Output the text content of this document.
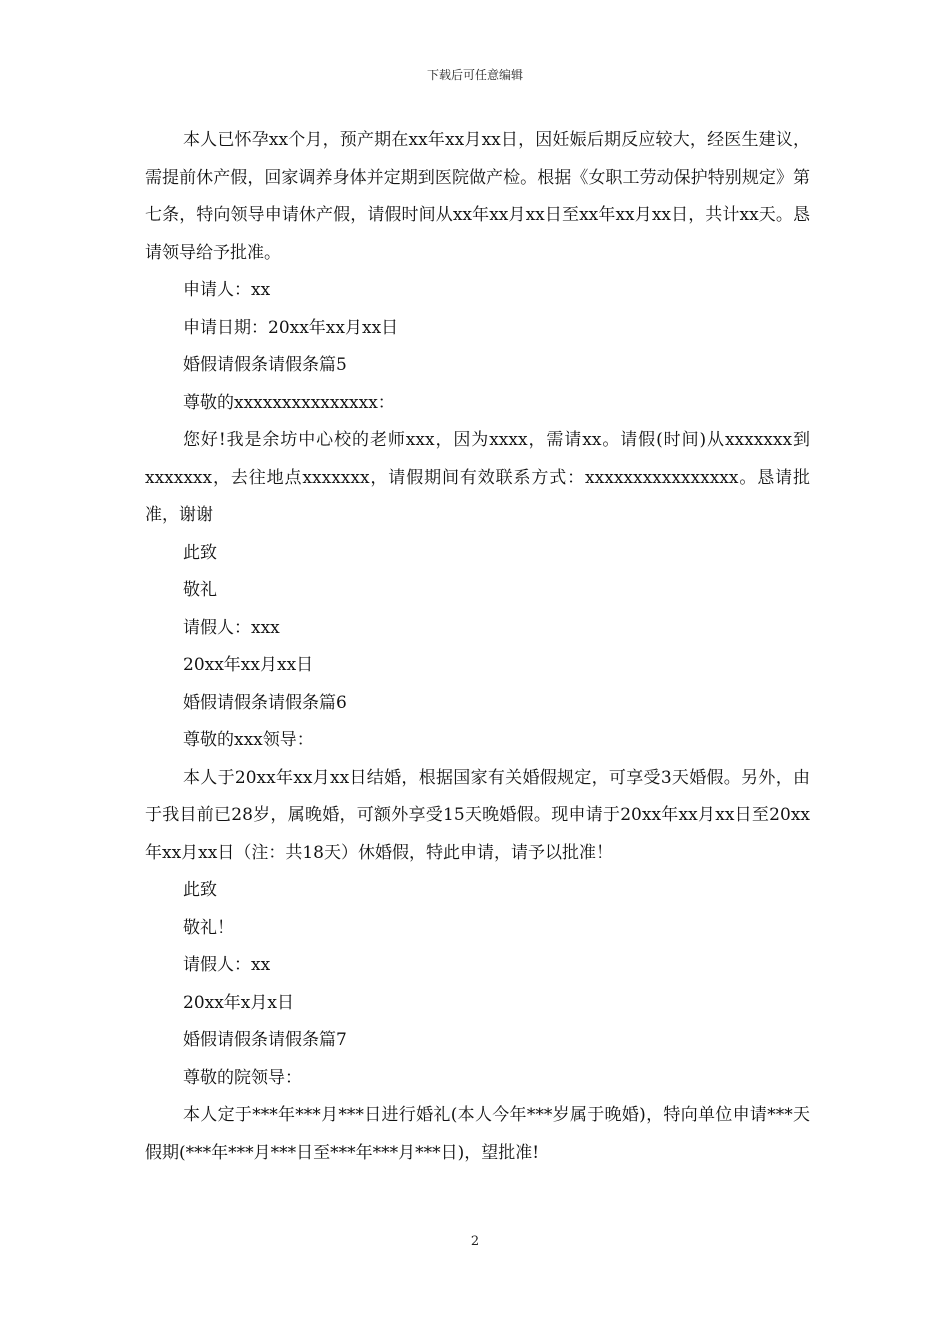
下载后可任意编辑

本人已怀孕xx个月，预产期在xx年xx月xx日，因妊娠后期反应较大，经医生建议，需提前休产假，回家调养身体并定期到医院做产检。根据《女职工劳动保护特别规定》第七条，特向领导申请休产假，请假时间从xx年xx月xx日至xx年xx月xx日，共计xx天。恳请领导给予批准。

申请人：xx

申请日期：20xx年xx月xx日

婚假请假条请假条篇5

尊敬的xxxxxxxxxxxxxxx：

您好!我是余坊中心校的老师xxx，因为xxxx，需请xx。请假(时间)从xxxxxxx到xxxxxxx，去往地点xxxxxxx，请假期间有效联系方式：xxxxxxxxxxxxxxxx。恳请批准，谢谢

此致

敬礼

请假人：xxx

20xx年xx月xx日

婚假请假条请假条篇6

尊敬的xxx领导：

本人于20xx年xx月xx日结婚，根据国家有关婚假规定，可享受3天婚假。另外，由于我目前已28岁，属晚婚，可额外享受15天晚婚假。现申请于20xx年xx月xx日至20xx年xx月xx日（注：共18天）休婚假，特此申请，请予以批准！

此致

敬礼！

请假人：xx

20xx年x月x日

婚假请假条请假条篇7

尊敬的院领导：

本人定于***年***月***日进行婚礼(本人今年***岁属于晚婚)，特向单位申请***天假期(***年***月***日至***年***月***日)，望批准!

2
